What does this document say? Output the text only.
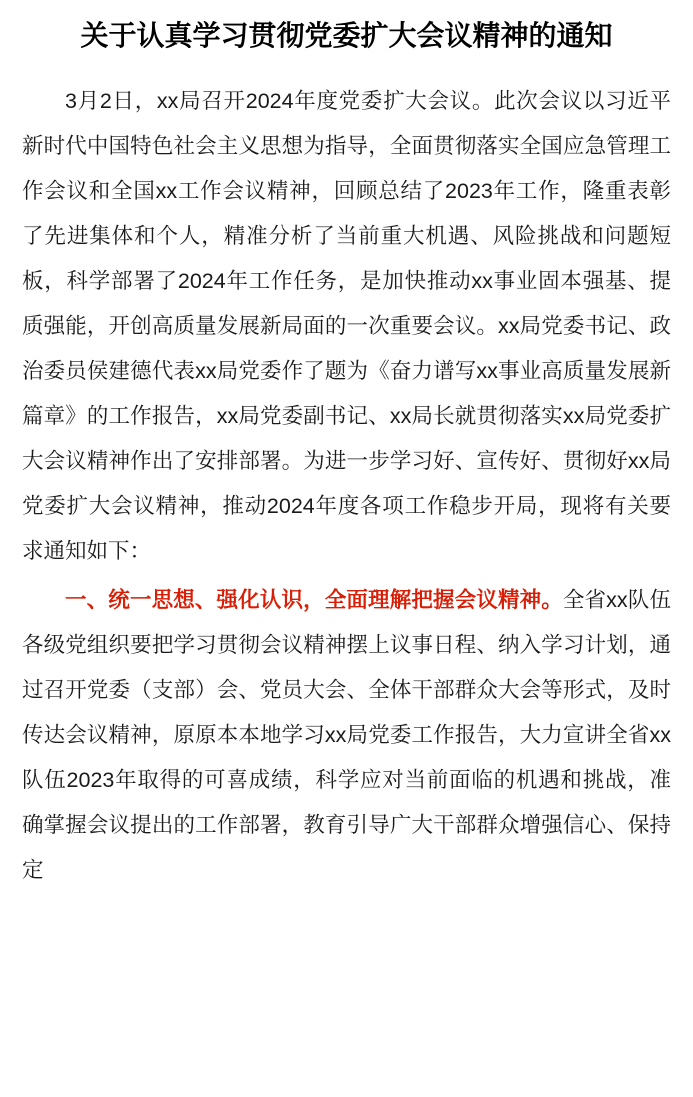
关于认真学习贯彻党委扩大会议精神的通知

3月2日，xx局召开2024年度党委扩大会议。此次会议以习近平新时代中国特色社会主义思想为指导，全面贯彻落实全国应急管理工作会议和全国xx工作会议精神，回顾总结了2023年工作，隆重表彰了先进集体和个人，精准分析了当前重大机遇、风险挑战和问题短板，科学部署了2024年工作任务，是加快推动xx事业固本强基、提质强能，开创高质量发展新局面的一次重要会议。xx局党委书记、政治委员侯建德代表xx局党委作了题为《奋力谱写xx事业高质量发展新篇章》的工作报告，xx局党委副书记、xx局长就贯彻落实xx局党委扩大会议精神作出了安排部署。为进一步学习好、宣传好、贯彻好xx局党委扩大会议精神，推动2024年度各项工作稳步开局，现将有关要求通知如下：

一、统一思想、强化认识，全面理解把握会议精神。全省xx队伍各级党组织要把学习贯彻会议精神摆上议事日程、纳入学习计划，通过召开党委（支部）会、党员大会、全体干部群众大会等形式，及时传达会议精神，原原本本地学习xx局党委工作报告，大力宣讲全省xx队伍2023年取得的可喜成绩，科学应对当前面临的机遇和挑战，准确掌握会议提出的工作部署，教育引导广大干部群众增强信心、保持定
